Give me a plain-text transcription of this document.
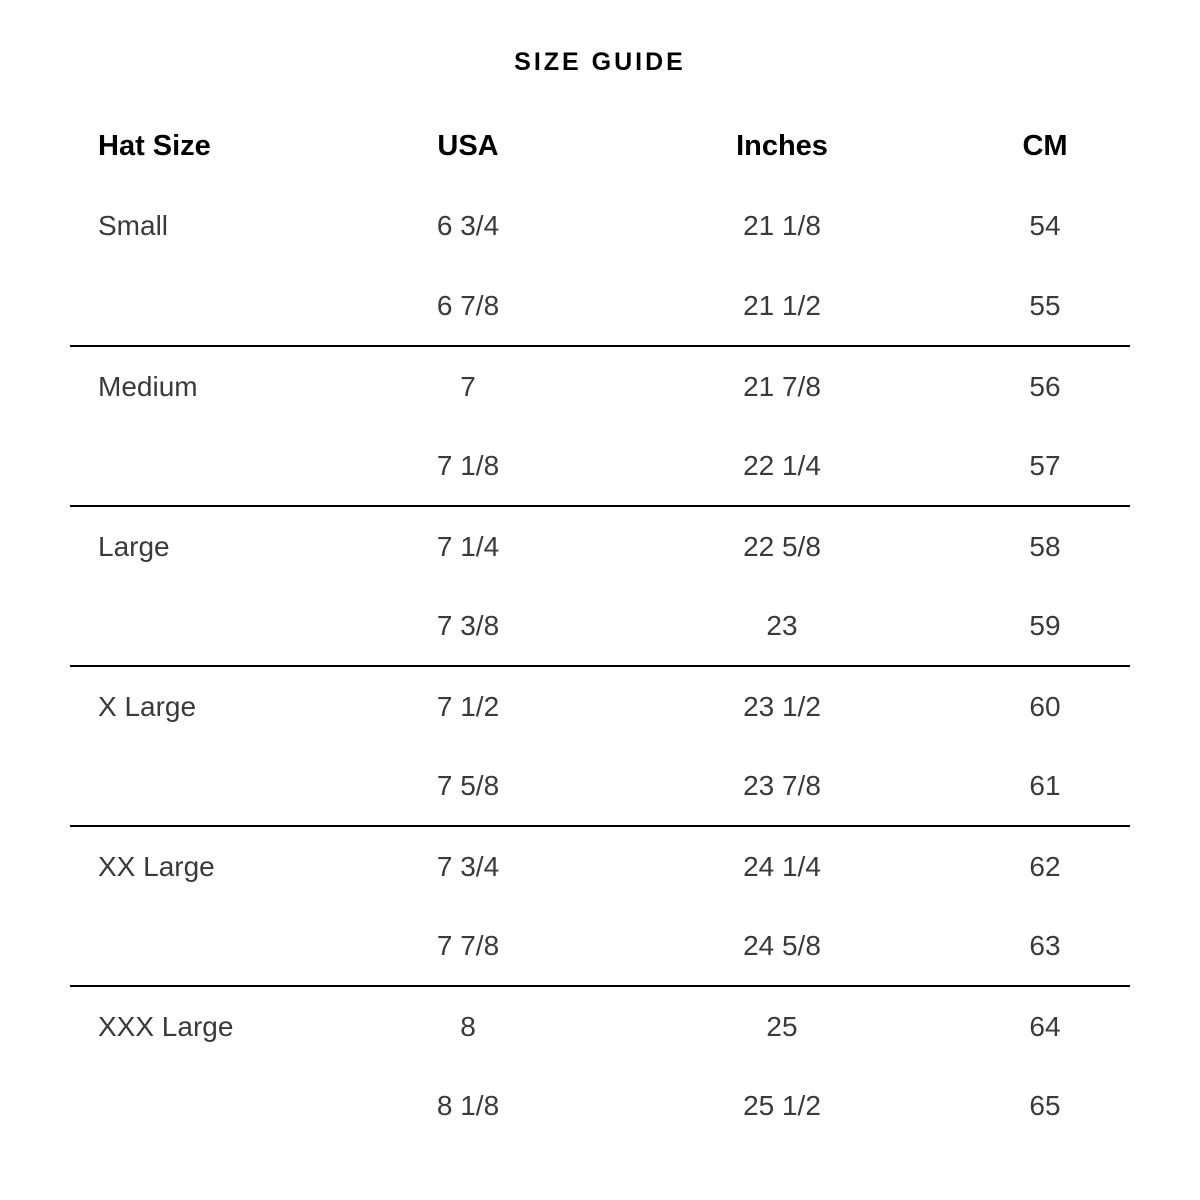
SIZE GUIDE
Hat Size	USA	Inches	CM
Small	6 3/4	21 1/8	54
	6 7/8	21 1/2	55
Medium	7	21 7/8	56
	7 1/8	22 1/4	57
Large	7 1/4	22 5/8	58
	7 3/8	23	59
X Large	7 1/2	23 1/2	60
	7 5/8	23 7/8	61
XX Large	7 3/4	24 1/4	62
	7 7/8	24 5/8	63
XXX Large	8	25	64
	8 1/8	25 1/2	65
